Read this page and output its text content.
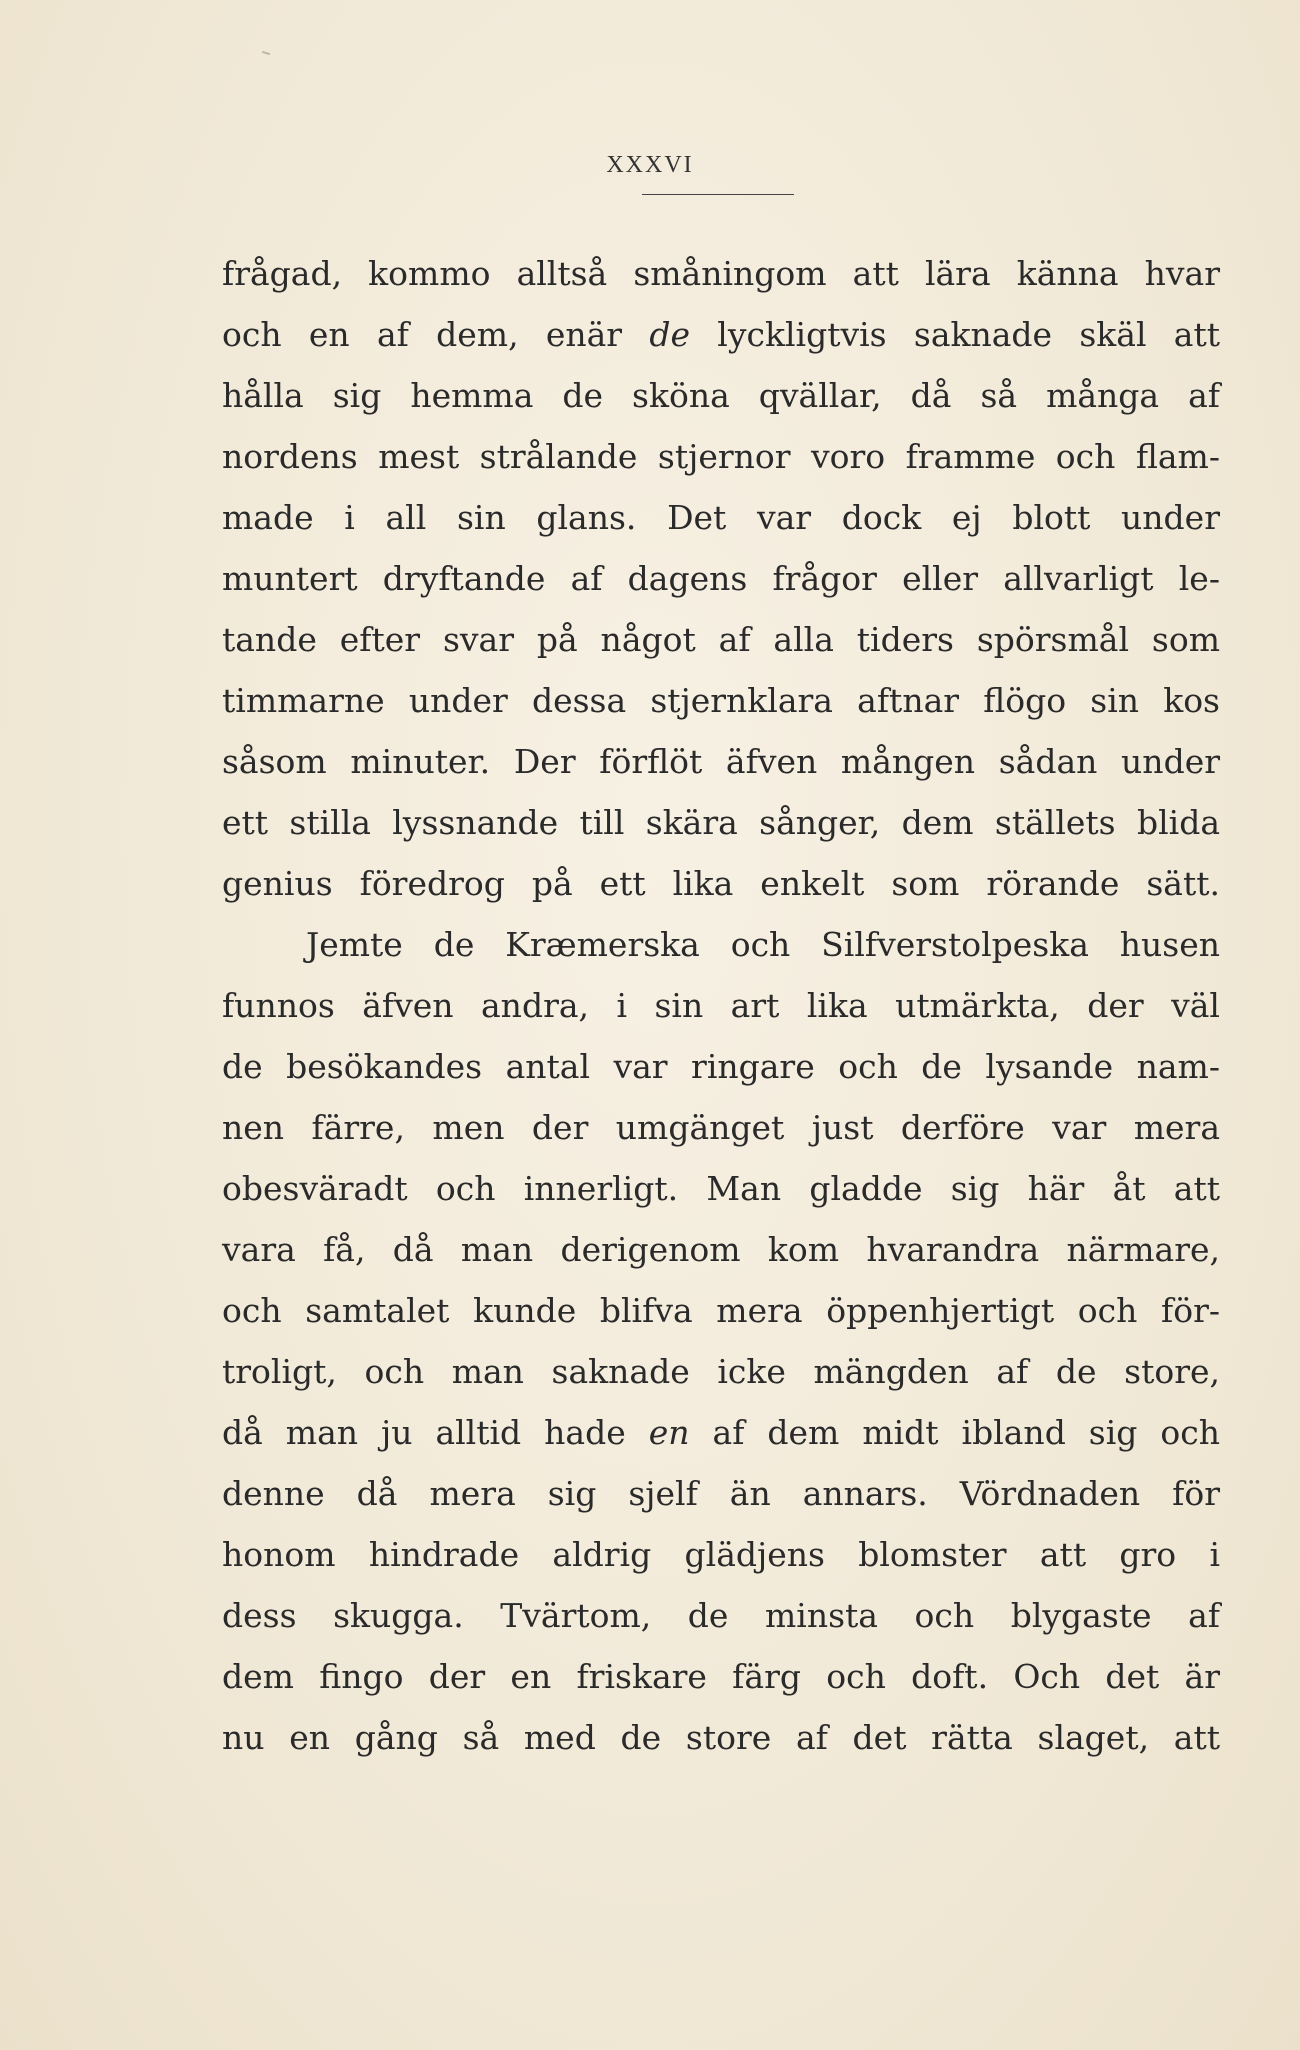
XXXVI
frågad, kommo alltså småningom att lära känna hvar
och en af dem, enär de lyckligtvis saknade skäl att
hålla sig hemma de sköna qvällar, då så många af
nordens mest strålande stjernor voro framme och flam-
made i all sin glans. Det var dock ej blott under
muntert dryftande af dagens frågor eller allvarligt le-
tande efter svar på något af alla tiders spörsmål som
timmarne under dessa stjernklara aftnar flögo sin kos
såsom minuter. Der förflöt äfven mången sådan under
ett stilla lyssnande till skära sånger, dem ställets blida
genius föredrog på ett lika enkelt som rörande sätt.
Jemte de Kræmerska och Silfverstolpeska husen
funnos äfven andra, i sin art lika utmärkta, der väl
de besökandes antal var ringare och de lysande nam-
nen färre, men der umgänget just derföre var mera
obesväradt och innerligt. Man gladde sig här åt att
vara få, då man derigenom kom hvarandra närmare,
och samtalet kunde blifva mera öppenhjertigt och för-
troligt, och man saknade icke mängden af de store,
då man ju alltid hade en af dem midt ibland sig och
denne då mera sig sjelf än annars. Vördnaden för
honom hindrade aldrig glädjens blomster att gro i
dess skugga. Tvärtom, de minsta och blygaste af
dem fingo der en friskare färg och doft. Och det är
nu en gång så med de store af det rätta slaget, att
